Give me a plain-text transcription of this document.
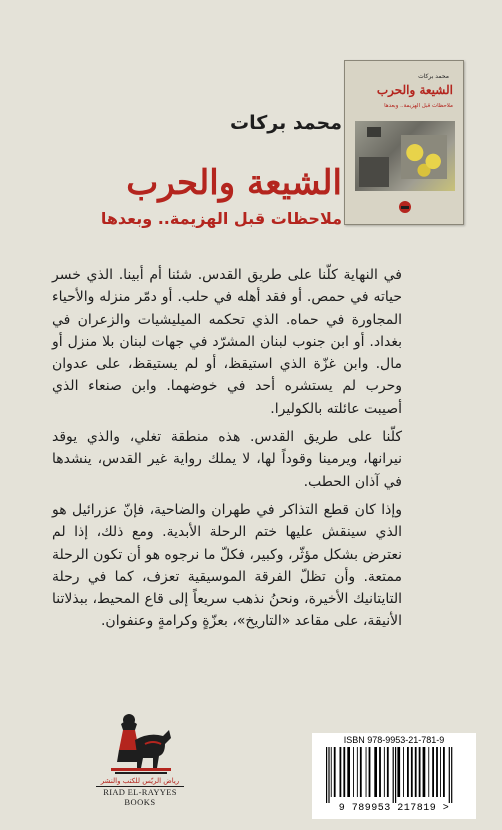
محمد بركات
الشيعة والحرب
ملاحظات قبل الهزيمة.. وبعدها
محمد بركات
الشيعة والحرب
ملاحظات قبل الهزيمة.. وبعدها

في النهاية كلّنا على طريق القدس. شئنا أم أبينا. الذي خسر حياته في حمص. أو فقد أهله في حلب. أو دمّر منزله والأحياء المجاورة في حماه. الذي تحكمه الميليشيات والزعران في بغداد. أو ابن جنوب لبنان المشرّد في جهات لبنان بلا منزل أو مال. وابن غزّة الذي استيقظ، أو لم يستيقظ، على عدوان وحرب لم يستشره أحد في خوضهما. وابن صنعاء الذي أصيبت عائلته بالكوليرا.

كلّنا على طريق القدس. هذه منطقة تغلي، والذي يوقد نيرانها، ويرمينا وقوداً لها، لا يملك رواية غير القدس، ينشدها في آذان الحطب.

وإذا كان قطع التذاكر في طهران والضاحية، فإنّ عزرائيل هو الذي سينقش عليها ختم الرحلة الأبدية. ومع ذلك، إذا لم نعترض بشكل مؤثّر، وكبير، فكلّ ما نرجوه هو أن تكون الرحلة ممتعة. وأن تظلّ الفرقة الموسيقية تعزف، كما في رحلة التايتانيك الأخيرة، ونحنُ نذهب سريعاً إلى قاع المحيط، ببذلاتنا الأنيقة، على مقاعد «التاريخ»، بعزّةٍ وكرامةٍ وعنفوان.

رياض الريّس للكتب والنشر
RIAD EL-RAYYES
BOOKS
ISBN 978-9953-21-781-9
9 789953 217819 >
